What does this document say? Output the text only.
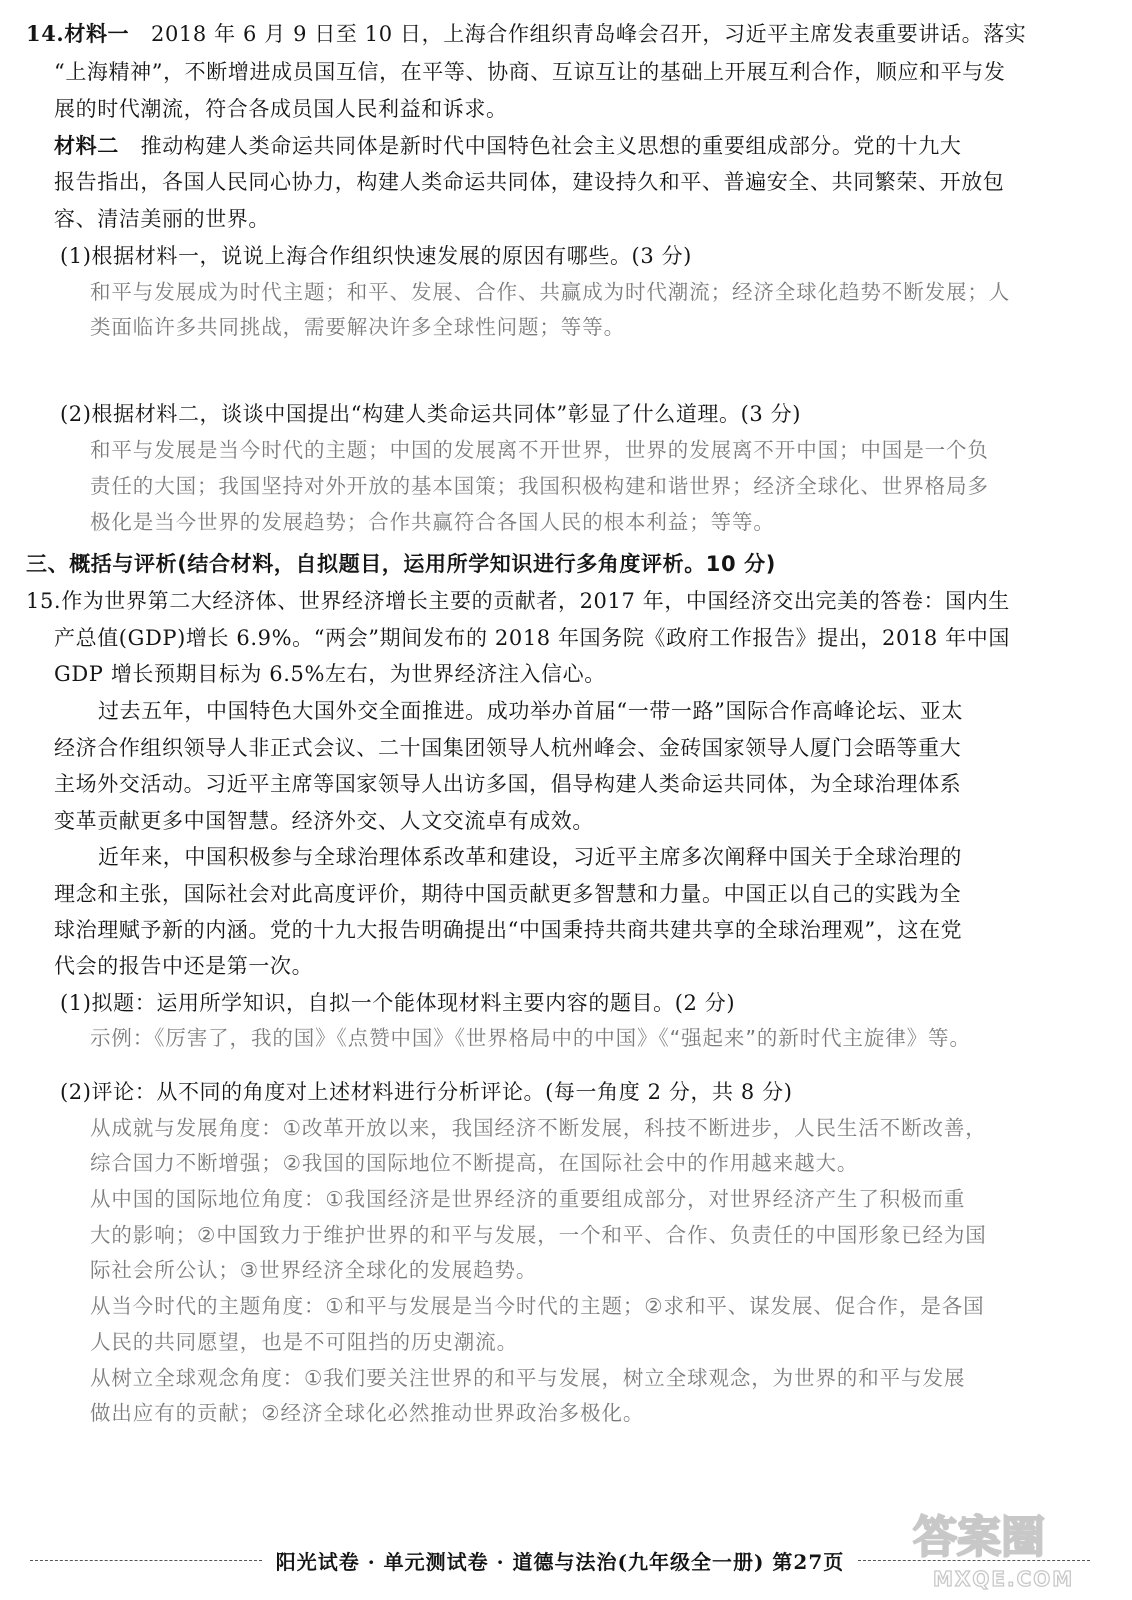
14.材料一 2018 年 6 月 9 日至 10 日，上海合作组织青岛峰会召开，习近平主席发表重要讲话。落实
“上海精神”，不断增进成员国互信，在平等、协商、互谅互让的基础上开展互利合作，顺应和平与发
展的时代潮流，符合各成员国人民利益和诉求。
材料二 推动构建人类命运共同体是新时代中国特色社会主义思想的重要组成部分。党的十九大
报告指出，各国人民同心协力，构建人类命运共同体，建设持久和平、普遍安全、共同繁荣、开放包
容、清洁美丽的世界。
(1)根据材料一，说说上海合作组织快速发展的原因有哪些。(3 分)
和平与发展成为时代主题；和平、发展、合作、共赢成为时代潮流；经济全球化趋势不断发展；人
类面临许多共同挑战，需要解决许多全球性问题；等等。
(2)根据材料二，谈谈中国提出“构建人类命运共同体”彰显了什么道理。(3 分)
和平与发展是当今时代的主题；中国的发展离不开世界，世界的发展离不开中国；中国是一个负
责任的大国；我国坚持对外开放的基本国策；我国积极构建和谐世界；经济全球化、世界格局多
极化是当今世界的发展趋势；合作共赢符合各国人民的根本利益；等等。
三、概括与评析(结合材料，自拟题目，运用所学知识进行多角度评析。10 分)
15.作为世界第二大经济体、世界经济增长主要的贡献者，2017 年，中国经济交出完美的答卷：国内生
产总值(GDP)增长 6.9%。“两会”期间发布的 2018 年国务院《政府工作报告》提出，2018 年中国
GDP 增长预期目标为 6.5%左右，为世界经济注入信心。
过去五年，中国特色大国外交全面推进。成功举办首届“一带一路”国际合作高峰论坛、亚太
经济合作组织领导人非正式会议、二十国集团领导人杭州峰会、金砖国家领导人厦门会晤等重大
主场外交活动。习近平主席等国家领导人出访多国，倡导构建人类命运共同体，为全球治理体系
变革贡献更多中国智慧。经济外交、人文交流卓有成效。
近年来，中国积极参与全球治理体系改革和建设，习近平主席多次阐释中国关于全球治理的
理念和主张，国际社会对此高度评价，期待中国贡献更多智慧和力量。中国正以自己的实践为全
球治理赋予新的内涵。党的十九大报告明确提出“中国秉持共商共建共享的全球治理观”，这在党
代会的报告中还是第一次。
(1)拟题：运用所学知识，自拟一个能体现材料主要内容的题目。(2 分)
示例：《厉害了，我的国》《点赞中国》《世界格局中的中国》《“强起来”的新时代主旋律》等。
(2)评论：从不同的角度对上述材料进行分析评论。(每一角度 2 分，共 8 分)
从成就与发展角度：①改革开放以来，我国经济不断发展，科技不断进步，人民生活不断改善，
综合国力不断增强；②我国的国际地位不断提高，在国际社会中的作用越来越大。
从中国的国际地位角度：①我国经济是世界经济的重要组成部分，对世界经济产生了积极而重
大的影响；②中国致力于维护世界的和平与发展，一个和平、合作、负责任的中国形象已经为国
际社会所公认；③世界经济全球化的发展趋势。
从当今时代的主题角度：①和平与发展是当今时代的主题；②求和平、谋发展、促合作，是各国
人民的共同愿望，也是不可阻挡的历史潮流。
从树立全球观念角度：①我们要关注世界的和平与发展，树立全球观念，为世界的和平与发展
做出应有的贡献；②经济全球化必然推动世界政治多极化。
阳光试卷 · 单元测试卷 · 道德与法治(九年级全一册) 第27页	答案圈
MXQE.COM
